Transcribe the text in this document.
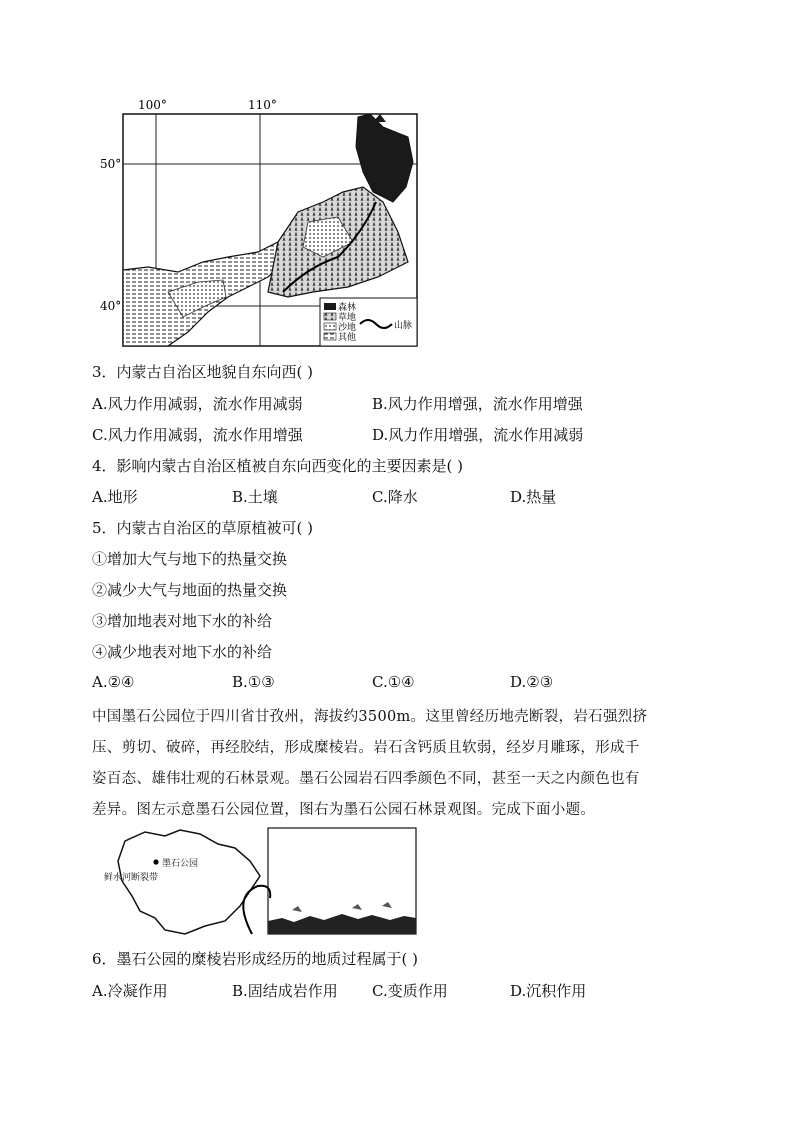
森林
草地
沙地
其他
山脉
100°	110°
50°
40°
3．内蒙古自治区地貌自东向西( )
A.风力作用减弱，流水作用减弱	B.风力作用增强，流水作用增强
C.风力作用减弱，流水作用增强	D.风力作用增强，流水作用减弱
4．影响内蒙古自治区植被自东向西变化的主要因素是( )
A.地形	B.土壤	C.降水	D.热量
5．内蒙古自治区的草原植被可( )
①增加大气与地下的热量交换
②减少大气与地面的热量交换
③增加地表对地下水的补给
④减少地表对地下水的补给
A.②④	B.①③	C.①④	D.②③
中国墨石公园位于四川省甘孜州，海拔约3500m。这里曾经历地壳断裂，岩石强烈挤
压、剪切、破碎，再经胶结，形成糜棱岩。岩石含钙质且软弱，经岁月雕琢，形成千
姿百态、雄伟壮观的石林景观。墨石公园岩石四季颜色不同，甚至一天之内颜色也有
差异。图左示意墨石公园位置，图右为墨石公园石林景观图。完成下面小题。
墨石公园
鲜水河断裂带
6．墨石公园的糜棱岩形成经历的地质过程属于( )
A.冷凝作用	B.固结成岩作用 C.变质作用	D.沉积作用
